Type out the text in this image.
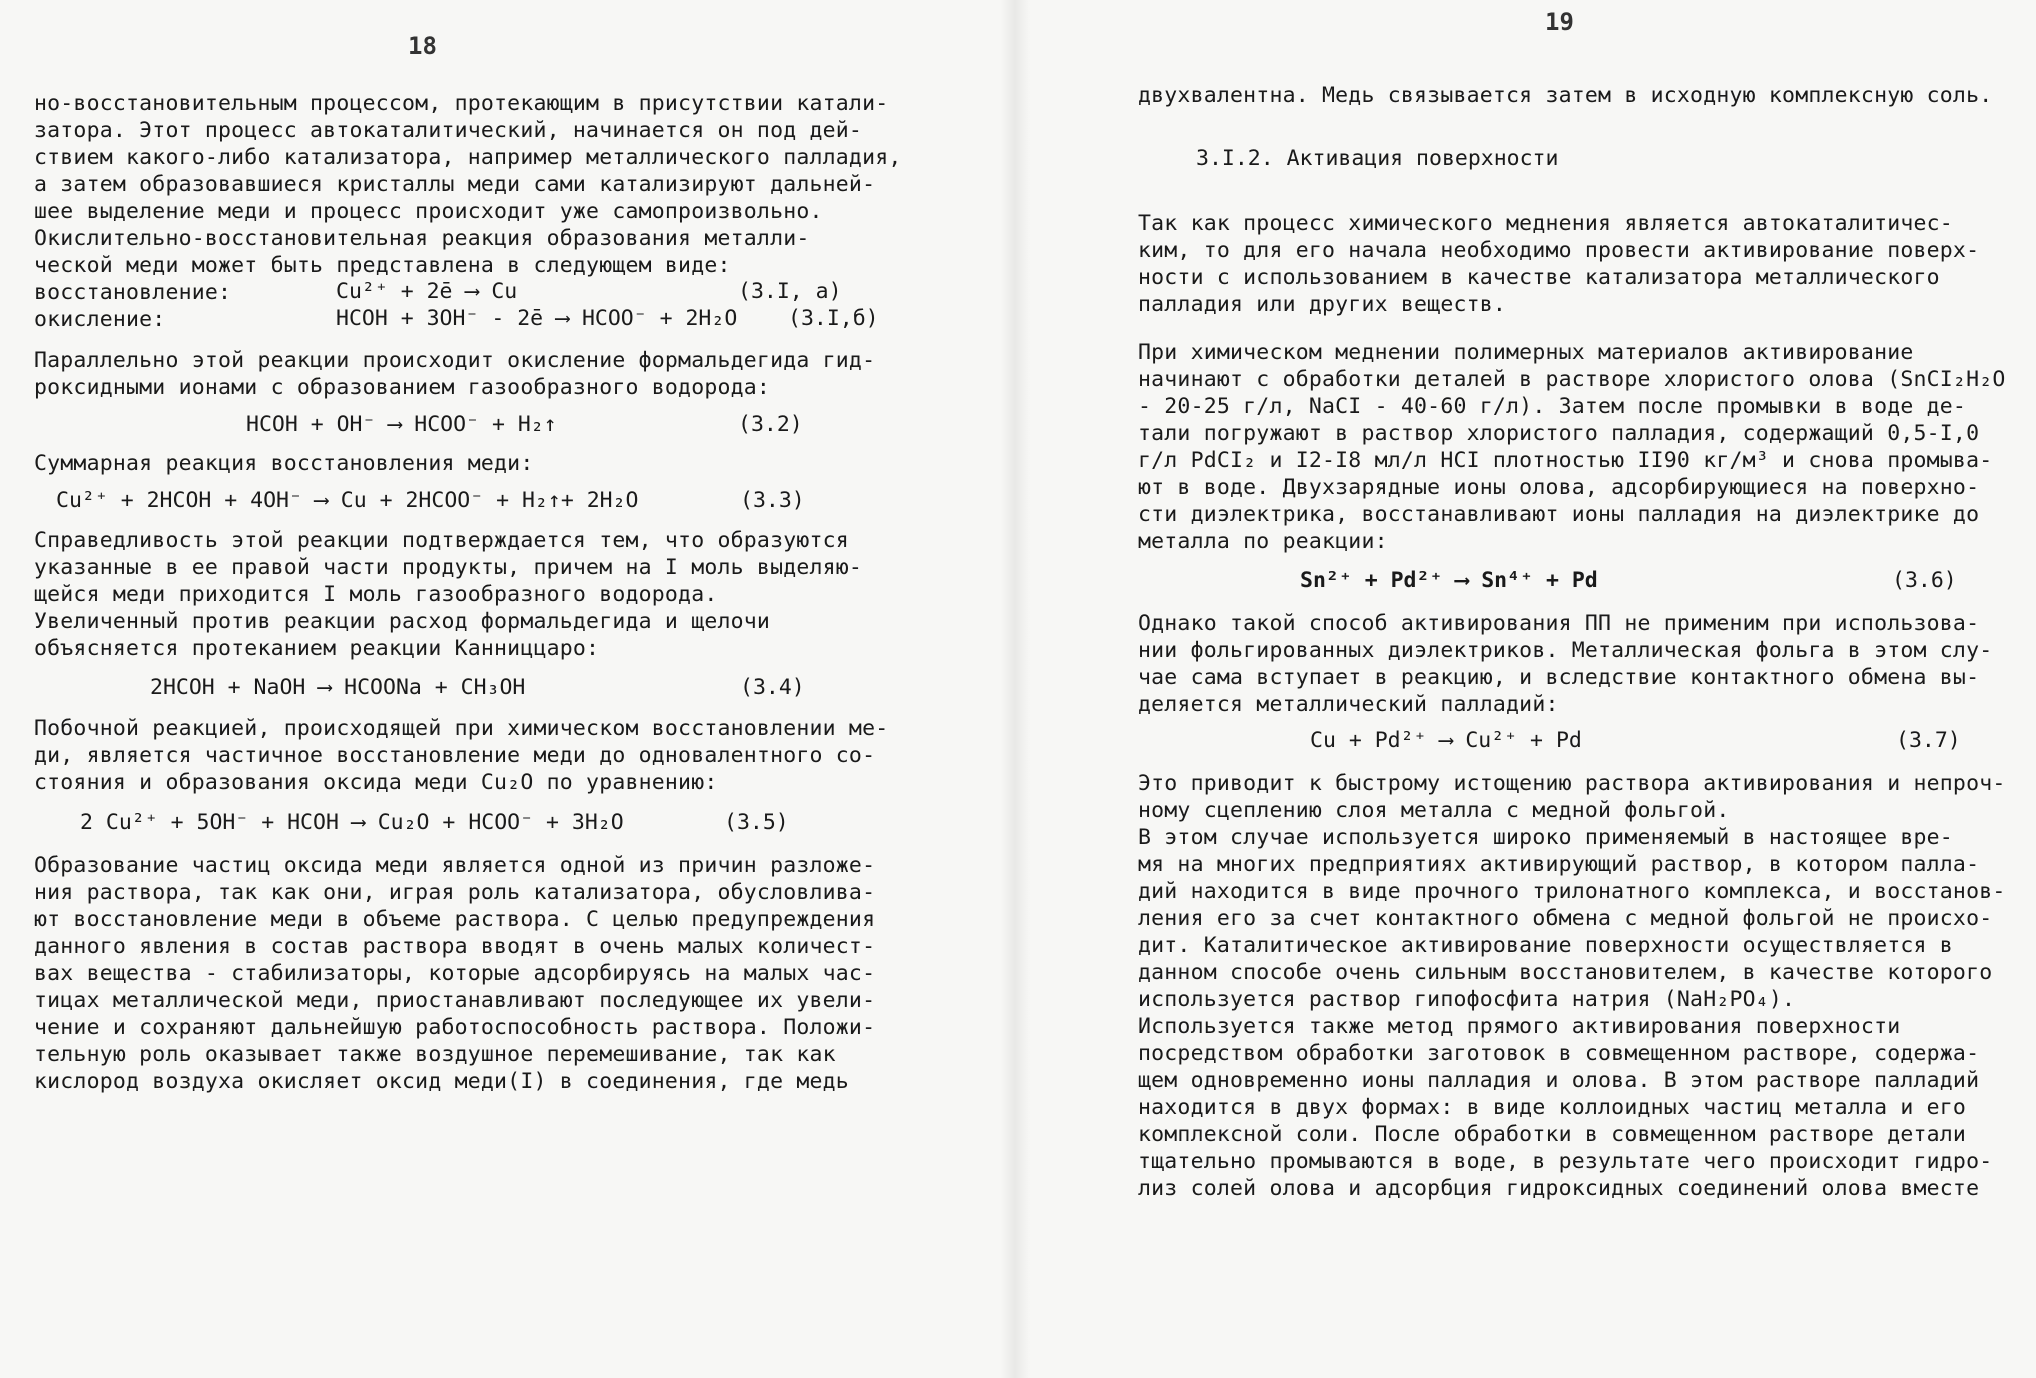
18
но-восстановительным процессом, протекающим в присутствии катали-
затора. Этот процесс автокаталитический, начинается он под дей-
ствием какого-либо катализатора, например металлического палладия,
а затем образовавшиеся кристаллы меди сами катализируют дальней-
шее выделение меди и процесс происходит уже самопроизвольно.
Окислительно-восстановительная реакция образования металли-
ческой меди может быть представлена в следующем виде:
восстановление:	Cu²⁺ + 2ē ⟶ Cu	(3.I, а)
окисление:	HCOH + 3OH⁻ - 2ē ⟶ HCOO⁻ + 2H₂O (3.I,б)
Параллельно этой реакции происходит окисление формальдегида гид-
роксидными ионами с образованием газообразного водорода:
HCOH + OH⁻ ⟶ HCOO⁻ + H₂↑	(3.2)
Суммарная реакция восстановления меди:
Cu²⁺ + 2HCOH + 4OH⁻ ⟶ Cu + 2HCOO⁻ + H₂↑+ 2H₂O	(3.3)
Справедливость этой реакции подтверждается тем, что образуются
указанные в ее правой части продукты, причем на I моль выделяю-
щейся меди приходится I моль газообразного водорода.
Увеличенный против реакции расход формальдегида и щелочи
объясняется протеканием реакции Канниццаро:
2HCOH + NaOH ⟶ HCOONa + CH₃OH	(3.4)
Побочной реакцией, происходящей при химическом восстановлении ме-
ди, является частичное восстановление меди до одновалентного со-
стояния и образования оксида меди Cu₂O по уравнению:
2 Cu²⁺ + 5OH⁻ + HCOH ⟶ Cu₂O + HCOO⁻ + 3H₂O	(3.5)
Образование частиц оксида меди является одной из причин разложе-
ния раствора, так как они, играя роль катализатора, обусловлива-
ют восстановление меди в объеме раствора. С целью предупреждения
данного явления в состав раствора вводят в очень малых количест-
вах вещества - стабилизаторы, которые адсорбируясь на малых час-
тицах металлической меди, приостанавливают последующее их увели-
чение и сохраняют дальнейшую работоспособность раствора. Положи-
тельную роль оказывает также воздушное перемешивание, так как
кислород воздуха окисляет оксид меди(I) в соединения, где медь
19
двухвалентна. Медь связывается затем в исходную комплексную соль.
3.I.2. Активация поверхности
Так как процесс химического меднения является автокаталитичес-
ким, то для его начала необходимо провести активирование поверх-
ности с использованием в качестве катализатора металлического
палладия или других веществ.
При химическом меднении полимерных материалов активирование
начинают с обработки деталей в растворе хлористого олова (SnCI₂H₂O
- 20-25 г/л, NaCI - 40-60 г/л). Затем после промывки в воде де-
тали погружают в раствор хлористого палладия, содержащий 0,5-I,0
г/л PdCI₂ и I2-I8 мл/л HCI плотностью II90 кг/м³ и снова промыва-
ют в воде. Двухзарядные ионы олова, адсорбирующиеся на поверхно-
сти диэлектрика, восстанавливают ионы палладия на диэлектрике до
металла по реакции:
Sn²⁺ + Pd²⁺ ⟶ Sn⁴⁺ + Pd	(3.6)
Однако такой способ активирования ПП не применим при использова-
нии фольгированных диэлектриков. Металлическая фольга в этом слу-
чае сама вступает в реакцию, и вследствие контактного обмена вы-
деляется металлический палладий:
Cu + Pd²⁺ ⟶ Cu²⁺ + Pd	(3.7)
Это приводит к быстрому истощению раствора активирования и непроч-
ному сцеплению слоя металла с медной фольгой.
В этом случае используется широко применяемый в настоящее вре-
мя на многих предприятиях активирующий раствор, в котором палла-
дий находится в виде прочного трилонатного комплекса, и восстанов-
ления его за счет контактного обмена с медной фольгой не происхо-
дит. Каталитическое активирование поверхности осуществляется в
данном способе очень сильным восстановителем, в качестве которого
используется раствор гипофосфита натрия (NaH₂PO₄).
Используется также метод прямого активирования поверхности
посредством обработки заготовок в совмещенном растворе, содержа-
щем одновременно ионы палладия и олова. В этом растворе палладий
находится в двух формах: в виде коллоидных частиц металла и его
комплексной соли. После обработки в совмещенном растворе детали
тщательно промываются в воде, в результате чего происходит гидро-
лиз солей олова и адсорбция гидроксидных соединений олова вместе
